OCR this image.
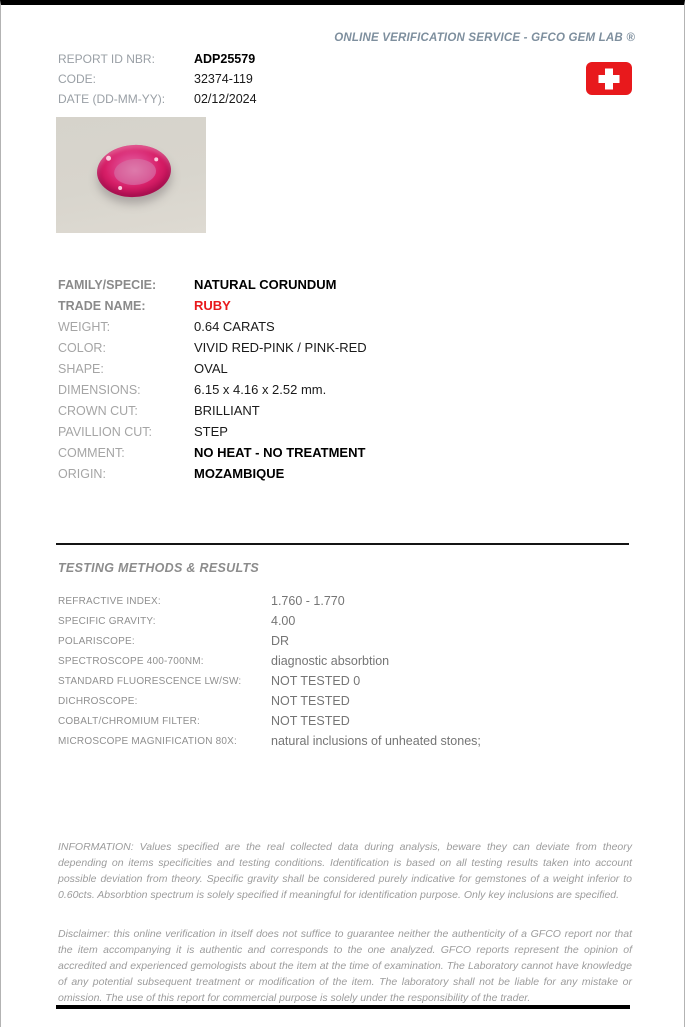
ONLINE VERIFICATION SERVICE - GFCO GEM LAB ®
REPORT ID NBR:	ADP25579
CODE:	32374-119
DATE (DD-MM-YY):	02/12/2024
FAMILY/SPECIE:	NATURAL CORUNDUM
TRADE NAME:	RUBY
WEIGHT:	0.64 CARATS
COLOR:	VIVID RED-PINK / PINK-RED
SHAPE:	OVAL
DIMENSIONS:	6.15 x 4.16 x 2.52 mm.
CROWN CUT:	BRILLIANT
PAVILLION CUT:	STEP
COMMENT:	NO HEAT - NO TREATMENT
ORIGIN:	MOZAMBIQUE
TESTING METHODS & RESULTS
REFRACTIVE INDEX:	1.760 - 1.770
SPECIFIC GRAVITY:	4.00
POLARISCOPE:	DR
SPECTROSCOPE 400-700NM:	diagnostic absorbtion
STANDARD FLUORESCENCE LW/SW:	NOT TESTED 0
DICHROSCOPE:	NOT TESTED
COBALT/CHROMIUM FILTER:	NOT TESTED
MICROSCOPE MAGNIFICATION 80X:	natural inclusions of unheated stones;

INFORMATION: Values specified are the real collected data during analysis, beware they can deviate from theory depending on items specificities and testing conditions. Identification is based on all testing results taken into account possible deviation from theory. Specific gravity shall be considered purely indicative for gemstones of a weight inferior to 0.60cts. Absorbtion spectrum is solely specified if meaningful for identification purpose. Only key inclusions are specified.

Disclaimer: this online verification in itself does not suffice to guarantee neither the authenticity of a GFCO report nor that the item accompanying it is authentic and corresponds to the one analyzed. GFCO reports represent the opinion of accredited and experienced gemologists about the item at the time of examination. The Laboratory cannot have knowledge of any potential subsequent treatment or modification of the item. The laboratory shall not be liable for any mistake or omission. The use of this report for commercial purpose is solely under the responsibility of the trader.
